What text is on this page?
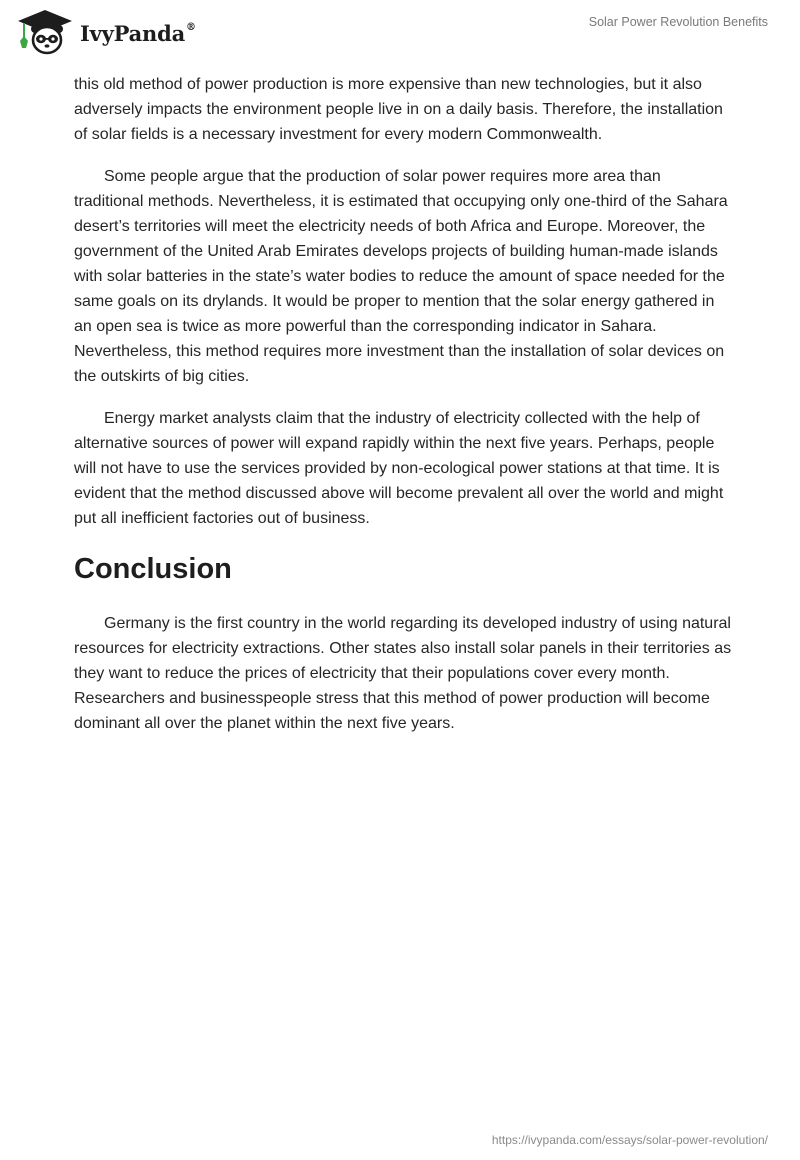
IvyPanda®	Solar Power Revolution Benefits

this old method of power production is more expensive than new technologies, but it also adversely impacts the environment people live in on a daily basis. Therefore, the installation of solar fields is a necessary investment for every modern Commonwealth.

Some people argue that the production of solar power requires more area than traditional methods. Nevertheless, it is estimated that occupying only one-third of the Sahara desert’s territories will meet the electricity needs of both Africa and Europe. Moreover, the government of the United Arab Emirates develops projects of building human-made islands with solar batteries in the state’s water bodies to reduce the amount of space needed for the same goals on its drylands. It would be proper to mention that the solar energy gathered in an open sea is twice as more powerful than the corresponding indicator in Sahara. Nevertheless, this method requires more investment than the installation of solar devices on the outskirts of big cities.

Energy market analysts claim that the industry of electricity collected with the help of alternative sources of power will expand rapidly within the next five years. Perhaps, people will not have to use the services provided by non-ecological power stations at that time. It is evident that the method discussed above will become prevalent all over the world and might put all inefficient factories out of business.

Conclusion

Germany is the first country in the world regarding its developed industry of using natural resources for electricity extractions. Other states also install solar panels in their territories as they want to reduce the prices of electricity that their populations cover every month. Researchers and businesspeople stress that this method of power production will become dominant all over the planet within the next five years.

https://ivypanda.com/essays/solar-power-revolution/
